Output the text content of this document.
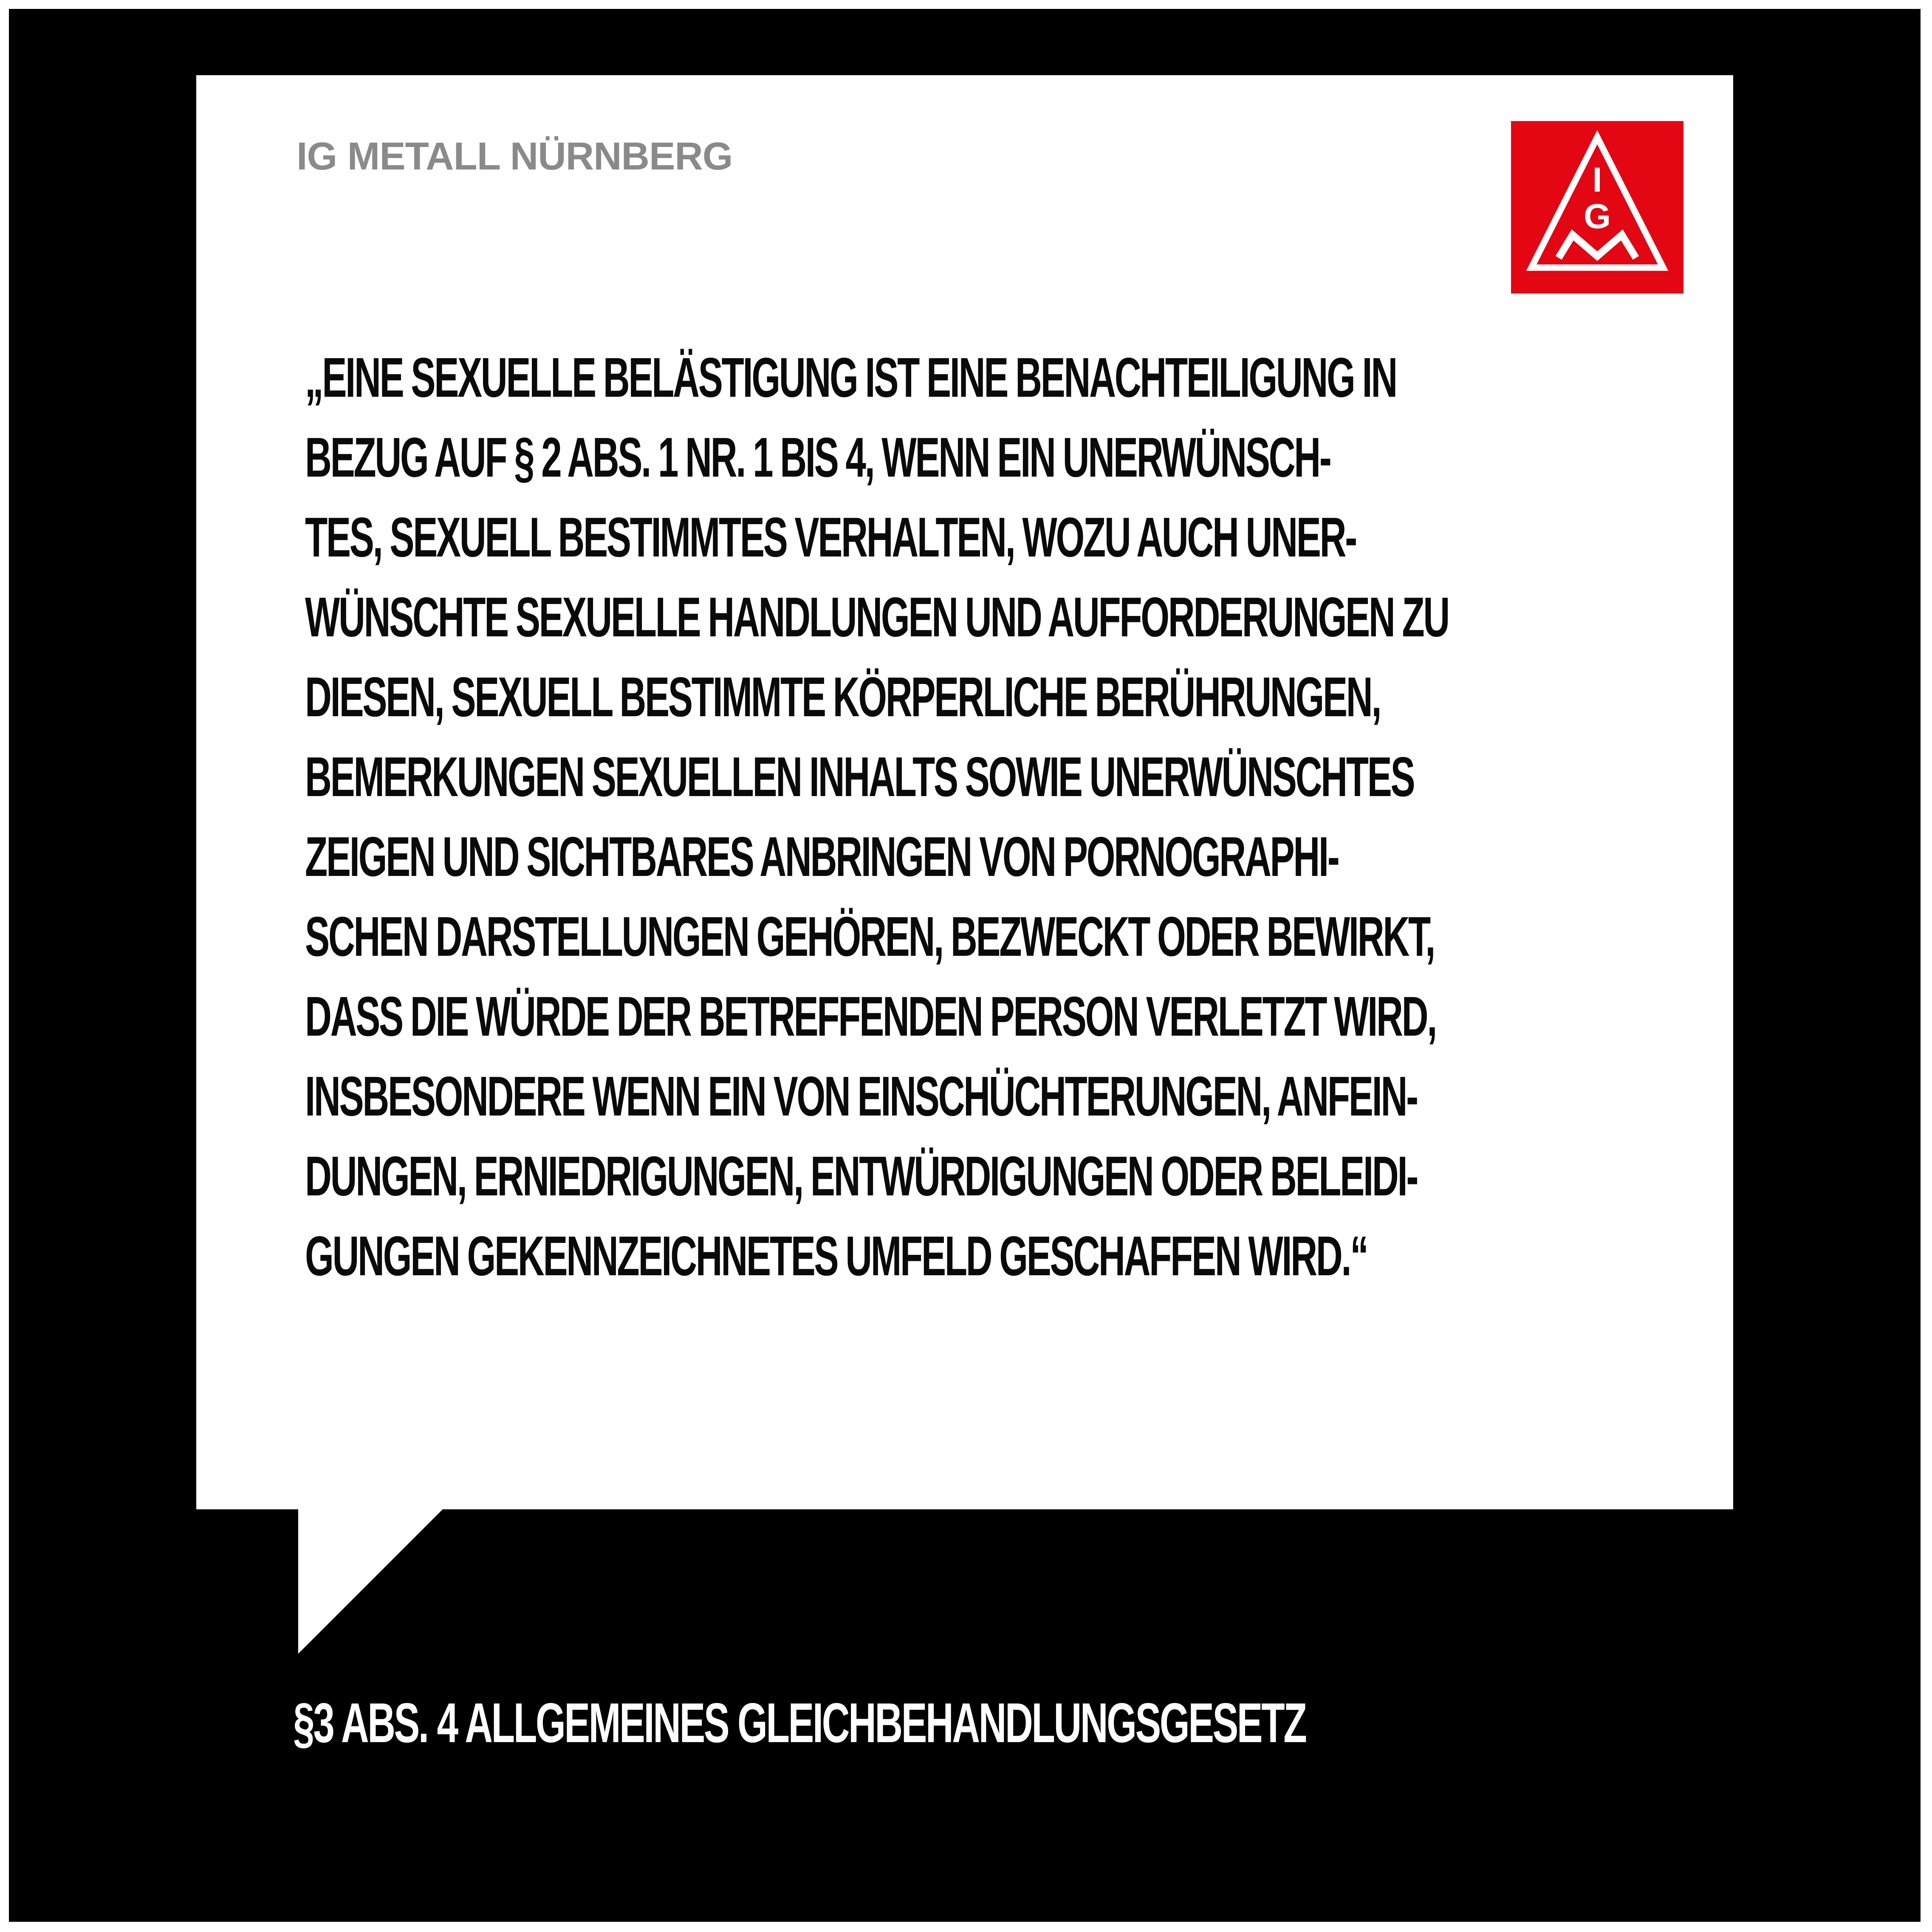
IG METALL NÜRNBERG

I
G

„EINE SEXUELLE BELÄSTIGUNG IST EINE BENACHTEILIGUNG IN
BEZUG AUF § 2 ABS. 1 NR. 1 BIS 4, WENN EIN UNERWÜNSCH-
TES, SEXUELL BESTIMMTES VERHALTEN, WOZU AUCH UNER-
WÜNSCHTE SEXUELLE HANDLUNGEN UND AUFFORDERUNGEN ZU
DIESEN, SEXUELL BESTIMMTE KÖRPERLICHE BERÜHRUNGEN,
BEMERKUNGEN SEXUELLEN INHALTS SOWIE UNERWÜNSCHTES
ZEIGEN UND SICHTBARES ANBRINGEN VON PORNOGRAPHI-
SCHEN DARSTELLUNGEN GEHÖREN, BEZWECKT ODER BEWIRKT,
DASS DIE WÜRDE DER BETREFFENDEN PERSON VERLETZT WIRD,
INSBESONDERE WENN EIN VON EINSCHÜCHTERUNGEN, ANFEIN-
DUNGEN, ERNIEDRIGUNGEN, ENTWÜRDIGUNGEN ODER BELEIDI-
GUNGEN GEKENNZEICHNETES UMFELD GESCHAFFEN WIRD.“

§3 ABS. 4 ALLGEMEINES GLEICHBEHANDLUNGSGESETZ
